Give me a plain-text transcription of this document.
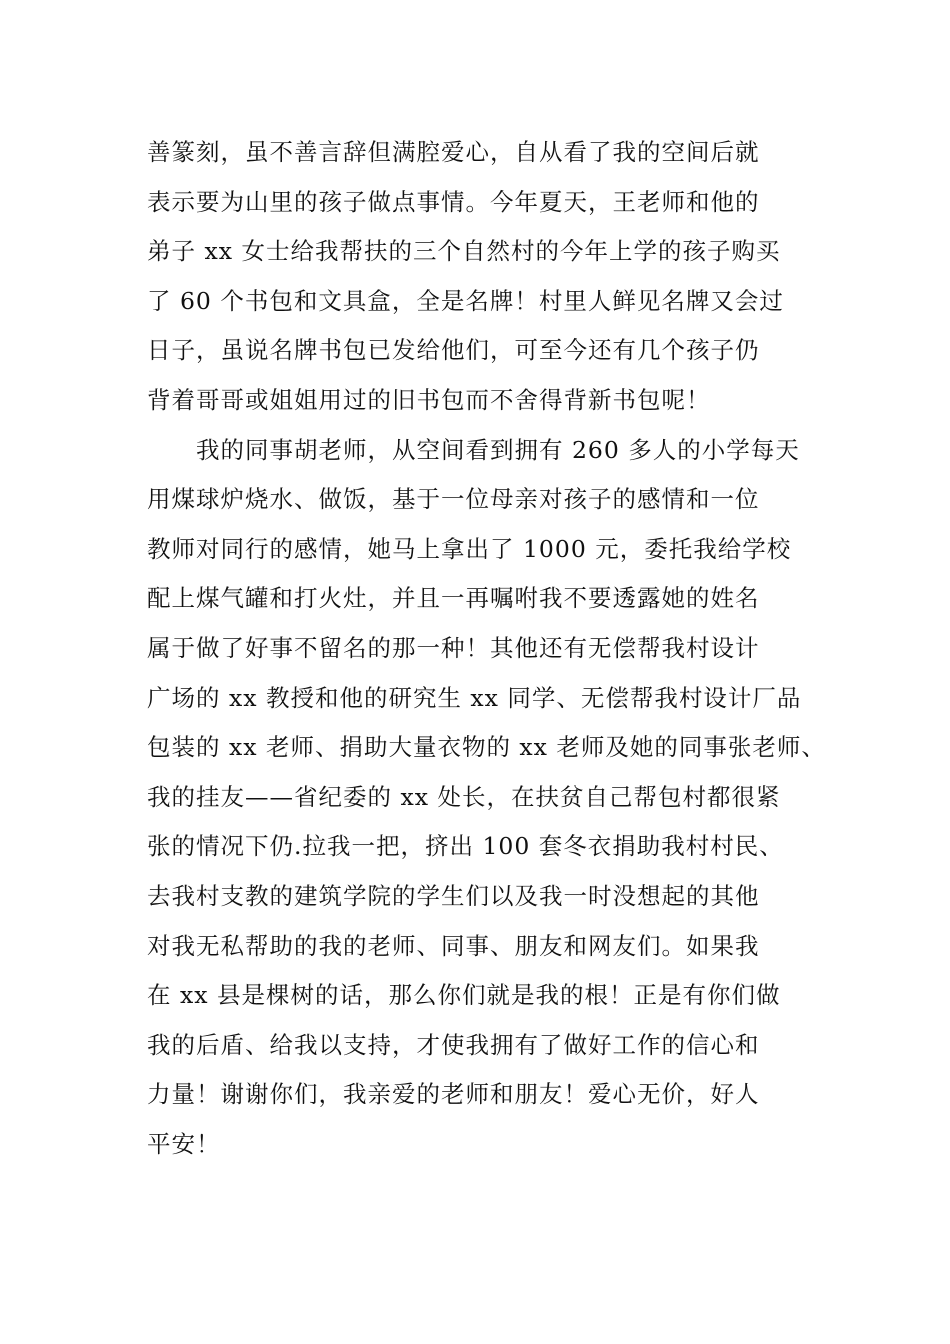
善篆刻，虽不善言辞但满腔爱心，自从看了我的空间后就

表示要为山里的孩子做点事情。今年夏天，王老师和他的

弟子 xx 女士给我帮扶的三个自然村的今年上学的孩子购买

了 60 个书包和文具盒，全是名牌！村里人鲜见名牌又会过

日子，虽说名牌书包已发给他们，可至今还有几个孩子仍

背着哥哥或姐姐用过的旧书包而不舍得背新书包呢！

　　我的同事胡老师，从空间看到拥有 260 多人的小学每天

用煤球炉烧水、做饭，基于一位母亲对孩子的感情和一位

教师对同行的感情，她马上拿出了 1000 元，委托我给学校

配上煤气罐和打火灶，并且一再嘱咐我不要透露她的姓名

属于做了好事不留名的那一种！其他还有无偿帮我村设计

广场的 xx 教授和他的研究生 xx 同学、无偿帮我村设计厂品

包装的 xx 老师、捐助大量衣物的 xx 老师及她的同事张老师、

我的挂友——省纪委的 xx 处长，在扶贫自己帮包村都很紧

张的情况下仍.拉我一把，挤出 100 套冬衣捐助我村村民、

去我村支教的建筑学院的学生们以及我一时没想起的其他

对我无私帮助的我的老师、同事、朋友和网友们。如果我

在 xx 县是棵树的话，那么你们就是我的根！正是有你们做

我的后盾、给我以支持，才使我拥有了做好工作的信心和

力量！谢谢你们，我亲爱的老师和朋友！爱心无价，好人

平安！
